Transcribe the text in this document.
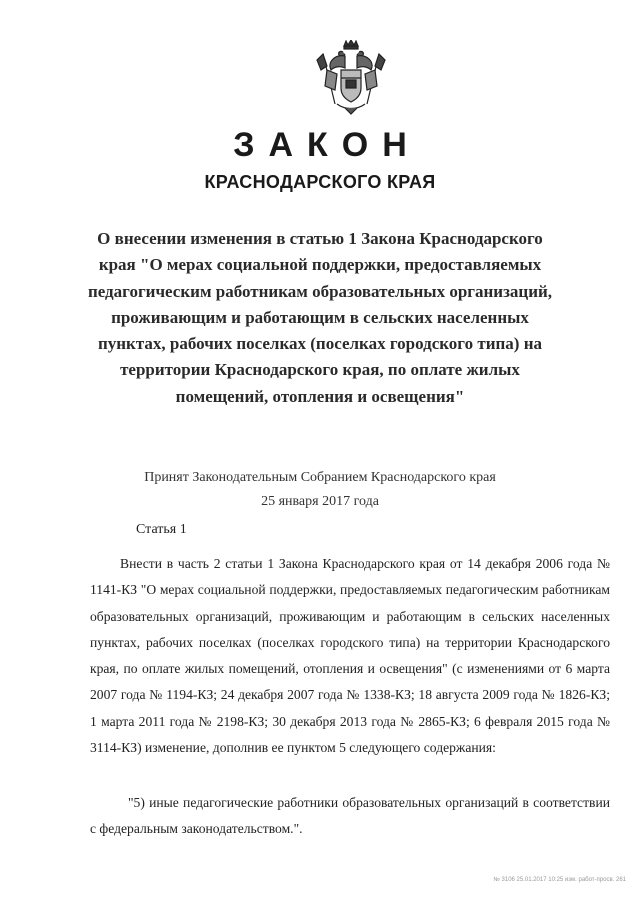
ЗАКОН
КРАСНОДАРСКОГО КРАЯ
О внесении изменения в статью 1 Закона Краснодарского края "О мерах социальной поддержки, предоставляемых педагогическим работникам образовательных организаций, проживающим и работающим в сельских населенных пунктах, рабочих поселках (поселках городского типа) на территории Краснодарского края, по оплате жилых помещений, отопления и освещения"
Принят Законодательным Собранием Краснодарского края
25 января 2017 года
Статья 1

Внести в часть 2 статьи 1 Закона Краснодарского края от 14 декабря 2006 года № 1141-КЗ "О мерах социальной поддержки, предоставляемых педагогическим работникам образовательных организаций, проживающим и работающим в сельских населенных пунктах, рабочих поселках (поселках городского типа) на территории Краснодарского края, по оплате жилых помещений, отопления и освещения" (с изменениями от 6 марта 2007 года № 1194-КЗ; 24 декабря 2007 года № 1338-КЗ; 18 августа 2009 года № 1826-КЗ; 1 марта 2011 года № 2198-КЗ; 30 декабря 2013 года № 2865-КЗ; 6 февраля 2015 года № 3114-КЗ) изменение, дополнив ее пунктом 5 следующего содержания:

"5) иные педагогические работники образовательных организаций в соответствии с федеральным законодательством.".

№ 3106 25.01.2017 10:25 изм. работ-просв. 261
